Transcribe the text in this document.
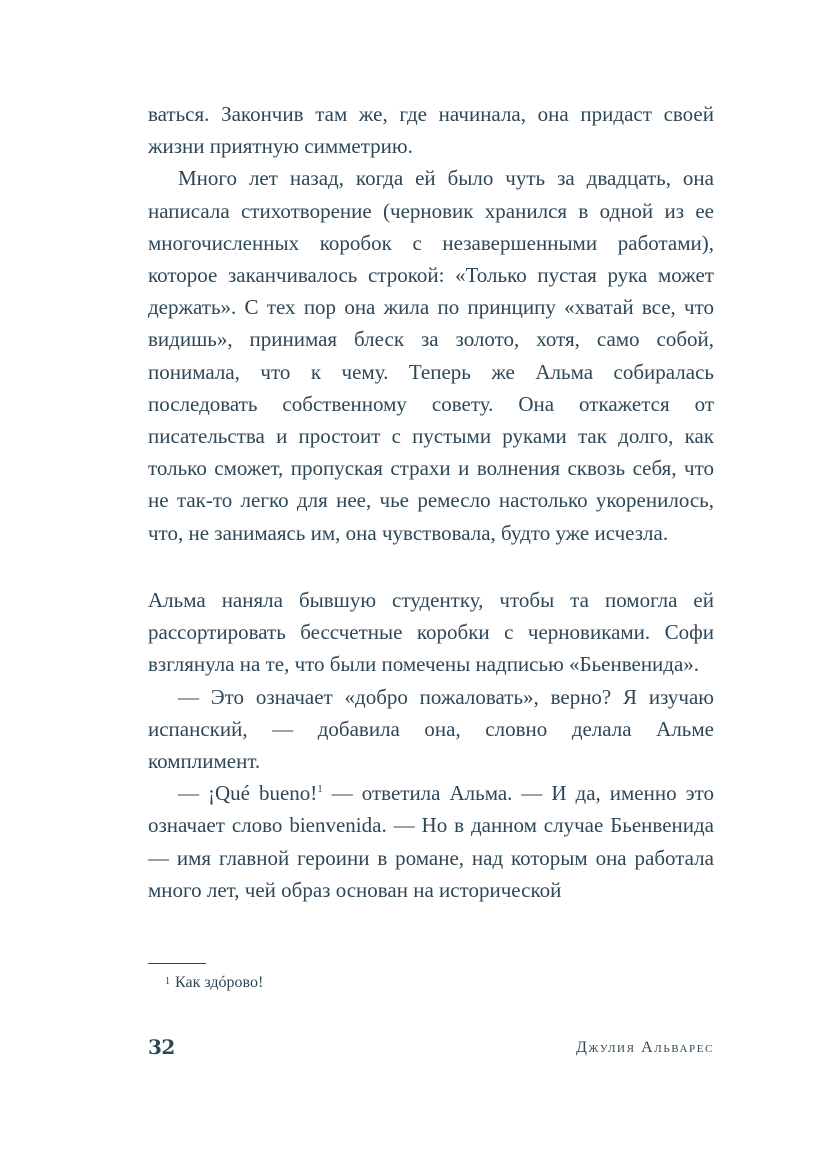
ваться. Закончив там же, где начинала, она придаст своей жизни приятную симметрию.

Много лет назад, когда ей было чуть за двадцать, она написала стихотворение (черновик хранился в одной из ее многочисленных коробок с незавершенными работами), которое заканчивалось строкой: «Только пустая рука может держать». С тех пор она жила по принципу «хватай все, что видишь», принимая блеск за золото, хотя, само собой, понимала, что к чему. Теперь же Альма собиралась последовать собственному совету. Она откажется от писательства и простоит с пустыми руками так долго, как только сможет, пропуская страхи и волнения сквозь себя, что не так-то легко для нее, чье ремесло настолько укоренилось, что, не занимаясь им, она чувствовала, будто уже исчезла.

Альма наняла бывшую студентку, чтобы та помогла ей рассортировать бессчетные коробки с черновиками. Софи взглянула на те, что были помечены надписью «Бьенвенида».

— Это означает «добро пожаловать», верно? Я изучаю испанский, — добавила она, словно делала Альме комплимент.

— ¡Qué bueno!$^1$ — ответила Альма. — И да, именно это означает слово bienvenida. — Но в данном случае Бьенвенида — имя главной героини в романе, над которым она работала много лет, чей образ основан на исторической

1 Как здóрово!
32	Джулия Альварес
